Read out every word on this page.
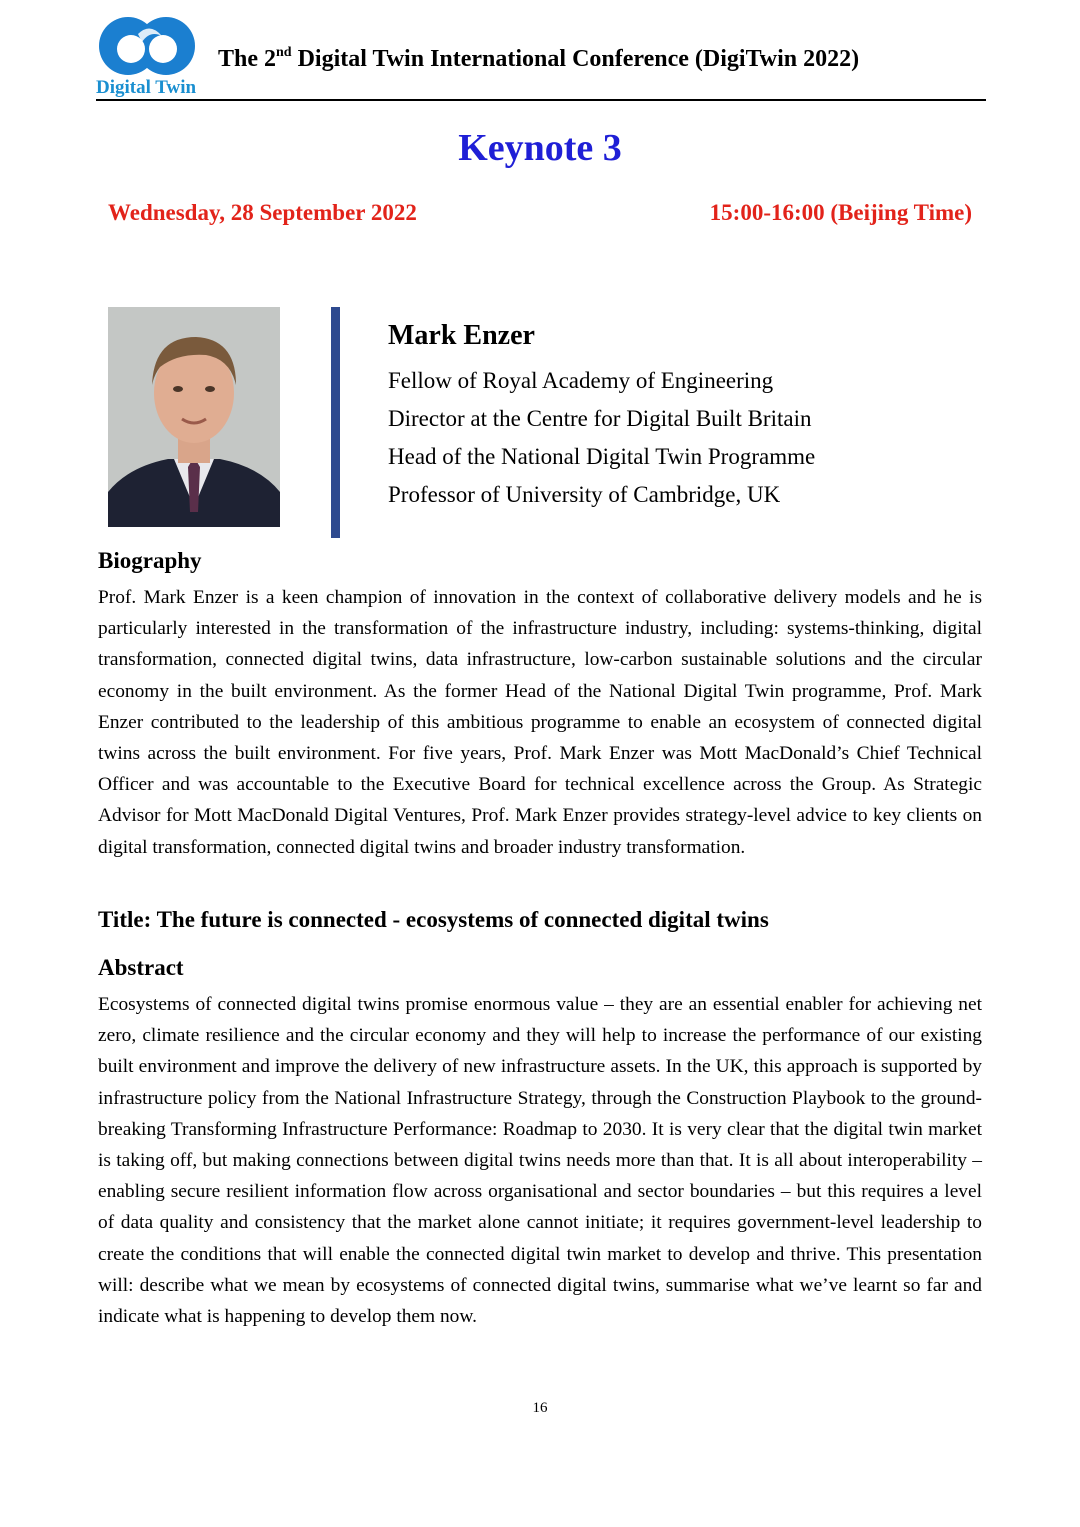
Digital Twin
The 2nd Digital Twin International Conference (DigiTwin 2022)
Keynote 3
Wednesday, 28 September 2022	15:00-16:00 (Beijing Time)
Mark Enzer
Fellow of Royal Academy of Engineering
Director at the Centre for Digital Built Britain
Head of the National Digital Twin Programme
Professor of University of Cambridge, UK
Biography

Prof. Mark Enzer is a keen champion of innovation in the context of collaborative delivery models and he is particularly interested in the transformation of the infrastructure industry, including: systems-thinking, digital transformation, connected digital twins, data infrastructure, low-carbon sustainable solutions and the circular economy in the built environment. As the former Head of the National Digital Twin programme, Prof. Mark Enzer contributed to the leadership of this ambitious programme to enable an ecosystem of connected digital twins across the built environment. For five years, Prof. Mark Enzer was Mott MacDonald’s Chief Technical Officer and was accountable to the Executive Board for technical excellence across the Group. As Strategic Advisor for Mott MacDonald Digital Ventures, Prof. Mark Enzer provides strategy-level advice to key clients on digital transformation, connected digital twins and broader industry transformation.

Title: The future is connected - ecosystems of connected digital twins
Abstract

Ecosystems of connected digital twins promise enormous value – they are an essential enabler for achieving net zero, climate resilience and the circular economy and they will help to increase the performance of our existing built environment and improve the delivery of new infrastructure assets. In the UK, this approach is supported by infrastructure policy from the National Infrastructure Strategy, through the Construction Playbook to the ground-breaking Transforming Infrastructure Performance: Roadmap to 2030. It is very clear that the digital twin market is taking off, but making connections between digital twins needs more than that. It is all about interoperability – enabling secure resilient information flow across organisational and sector boundaries – but this requires a level of data quality and consistency that the market alone cannot initiate; it requires government-level leadership to create the conditions that will enable the connected digital twin market to develop and thrive. This presentation will: describe what we mean by ecosystems of connected digital twins, summarise what we’ve learnt so far and indicate what is happening to develop them now.

16
